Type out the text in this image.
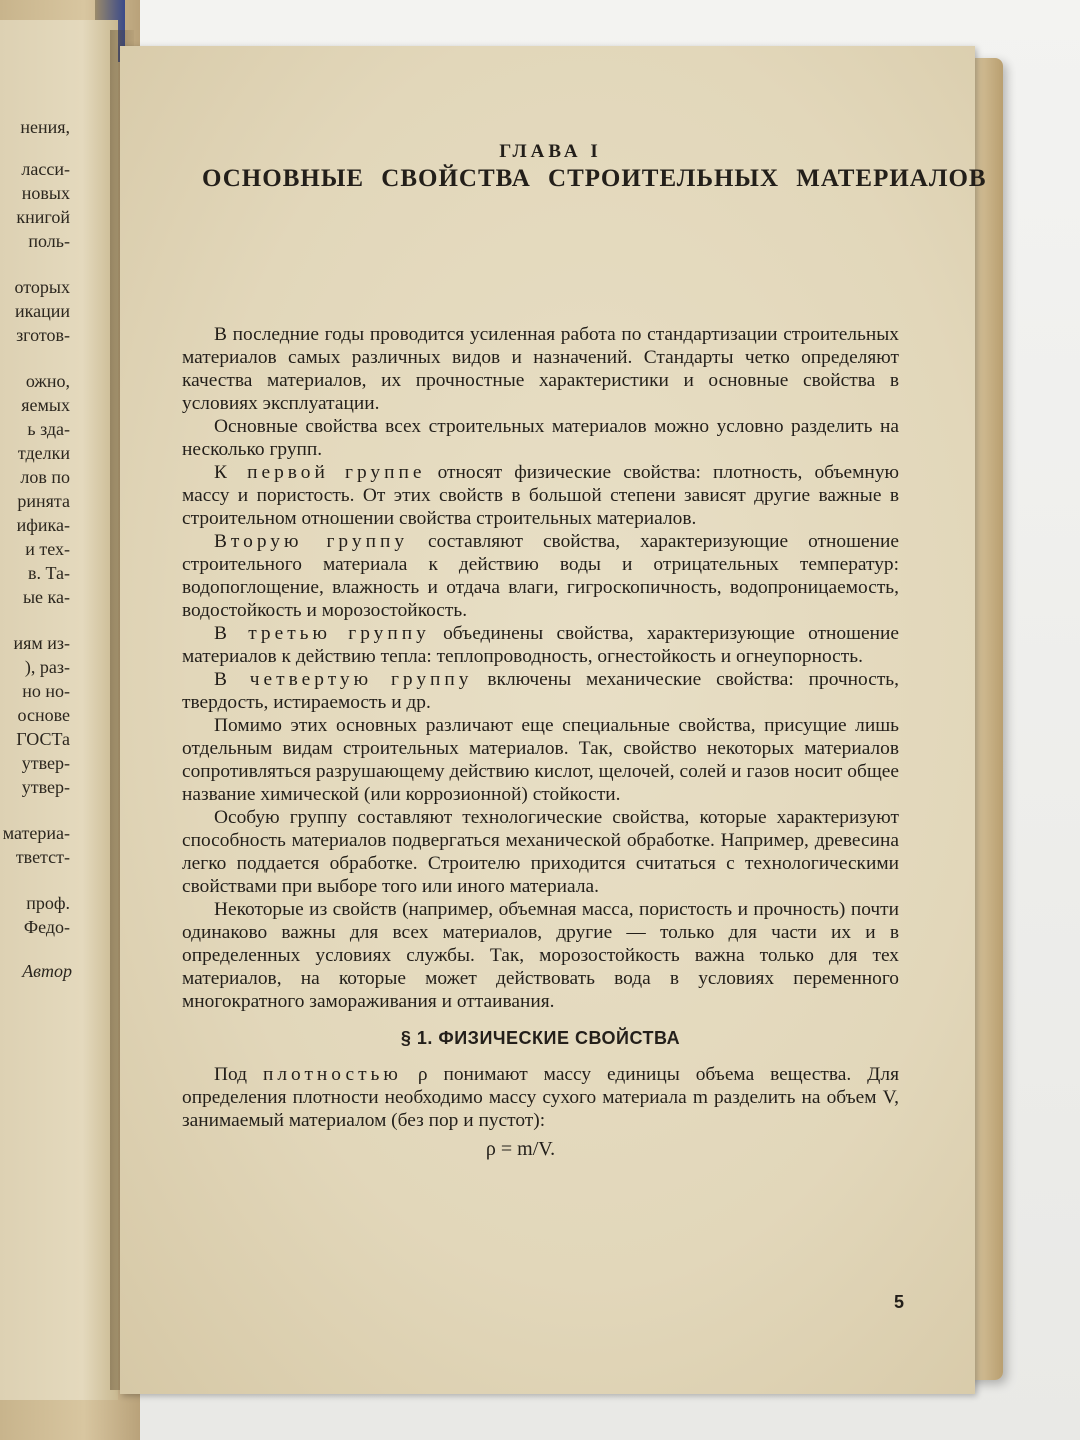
нения,
ласси-
новых
книгой
поль-
оторых
икации
зготов-
ожно,
яемых
ь зда-
тделки
лов по
ринята
ифика-
и тех-
в. Та-
ые ка-
иям из-
), раз-
но но-
основе
ГОСТа
утвер-
утвер-
материа-
тветст-
проф.
Федо-
Автор
ГЛАВА I
ОСНОВНЫЕ СВОЙСТВА СТРОИТЕЛЬНЫХ МАТЕРИАЛОВ

В последние годы проводится усиленная работа по стандартизации строительных материалов самых различных видов и назначений. Стандарты четко определяют качества материалов, их прочностные характеристики и основные свойства в условиях эксплуатации.

Основные свойства всех строительных материалов можно условно разделить на несколько групп.

К первой группе относят физические свойства: плотность, объемную массу и пористость. От этих свойств в большой степени зависят другие важные в строительном отношении свойства строительных материалов.

Вторую группу составляют свойства, характеризующие отношение строительного материала к действию воды и отрицательных температур: водопоглощение, влажность и отдача влаги, гигроскопичность, водопроницаемость, водостойкость и морозостойкость.

В третью группу объединены свойства, характеризующие отношение материалов к действию тепла: теплопроводность, огнестойкость и огнеупорность.

В четвертую группу включены механические свойства: прочность, твердость, истираемость и др.

Помимо этих основных различают еще специальные свойства, присущие лишь отдельным видам строительных материалов. Так, свойство некоторых материалов сопротивляться разрушающему действию кислот, щелочей, солей и газов носит общее название химической (или коррозионной) стойкости.

Особую группу составляют технологические свойства, которые характеризуют способность материалов подвергаться механической обработке. Например, древесина легко поддается обработке. Строителю приходится считаться с технологическими свойствами при выборе того или иного материала.

Некоторые из свойств (например, объемная масса, пористость и прочность) почти одинаково важны для всех материалов, другие — только для части их и в определенных условиях службы. Так, морозостойкость важна только для тех материалов, на которые может действовать вода в условиях переменного многократного замораживания и оттаивания.

§ 1. ФИЗИЧЕСКИЕ СВОЙСТВА

Под плотностью ρ понимают массу единицы объема вещества. Для определения плотности необходимо массу сухого материала m разделить на объем V, занимаемый материалом (без пор и пустот):

ρ = m/V.
5
